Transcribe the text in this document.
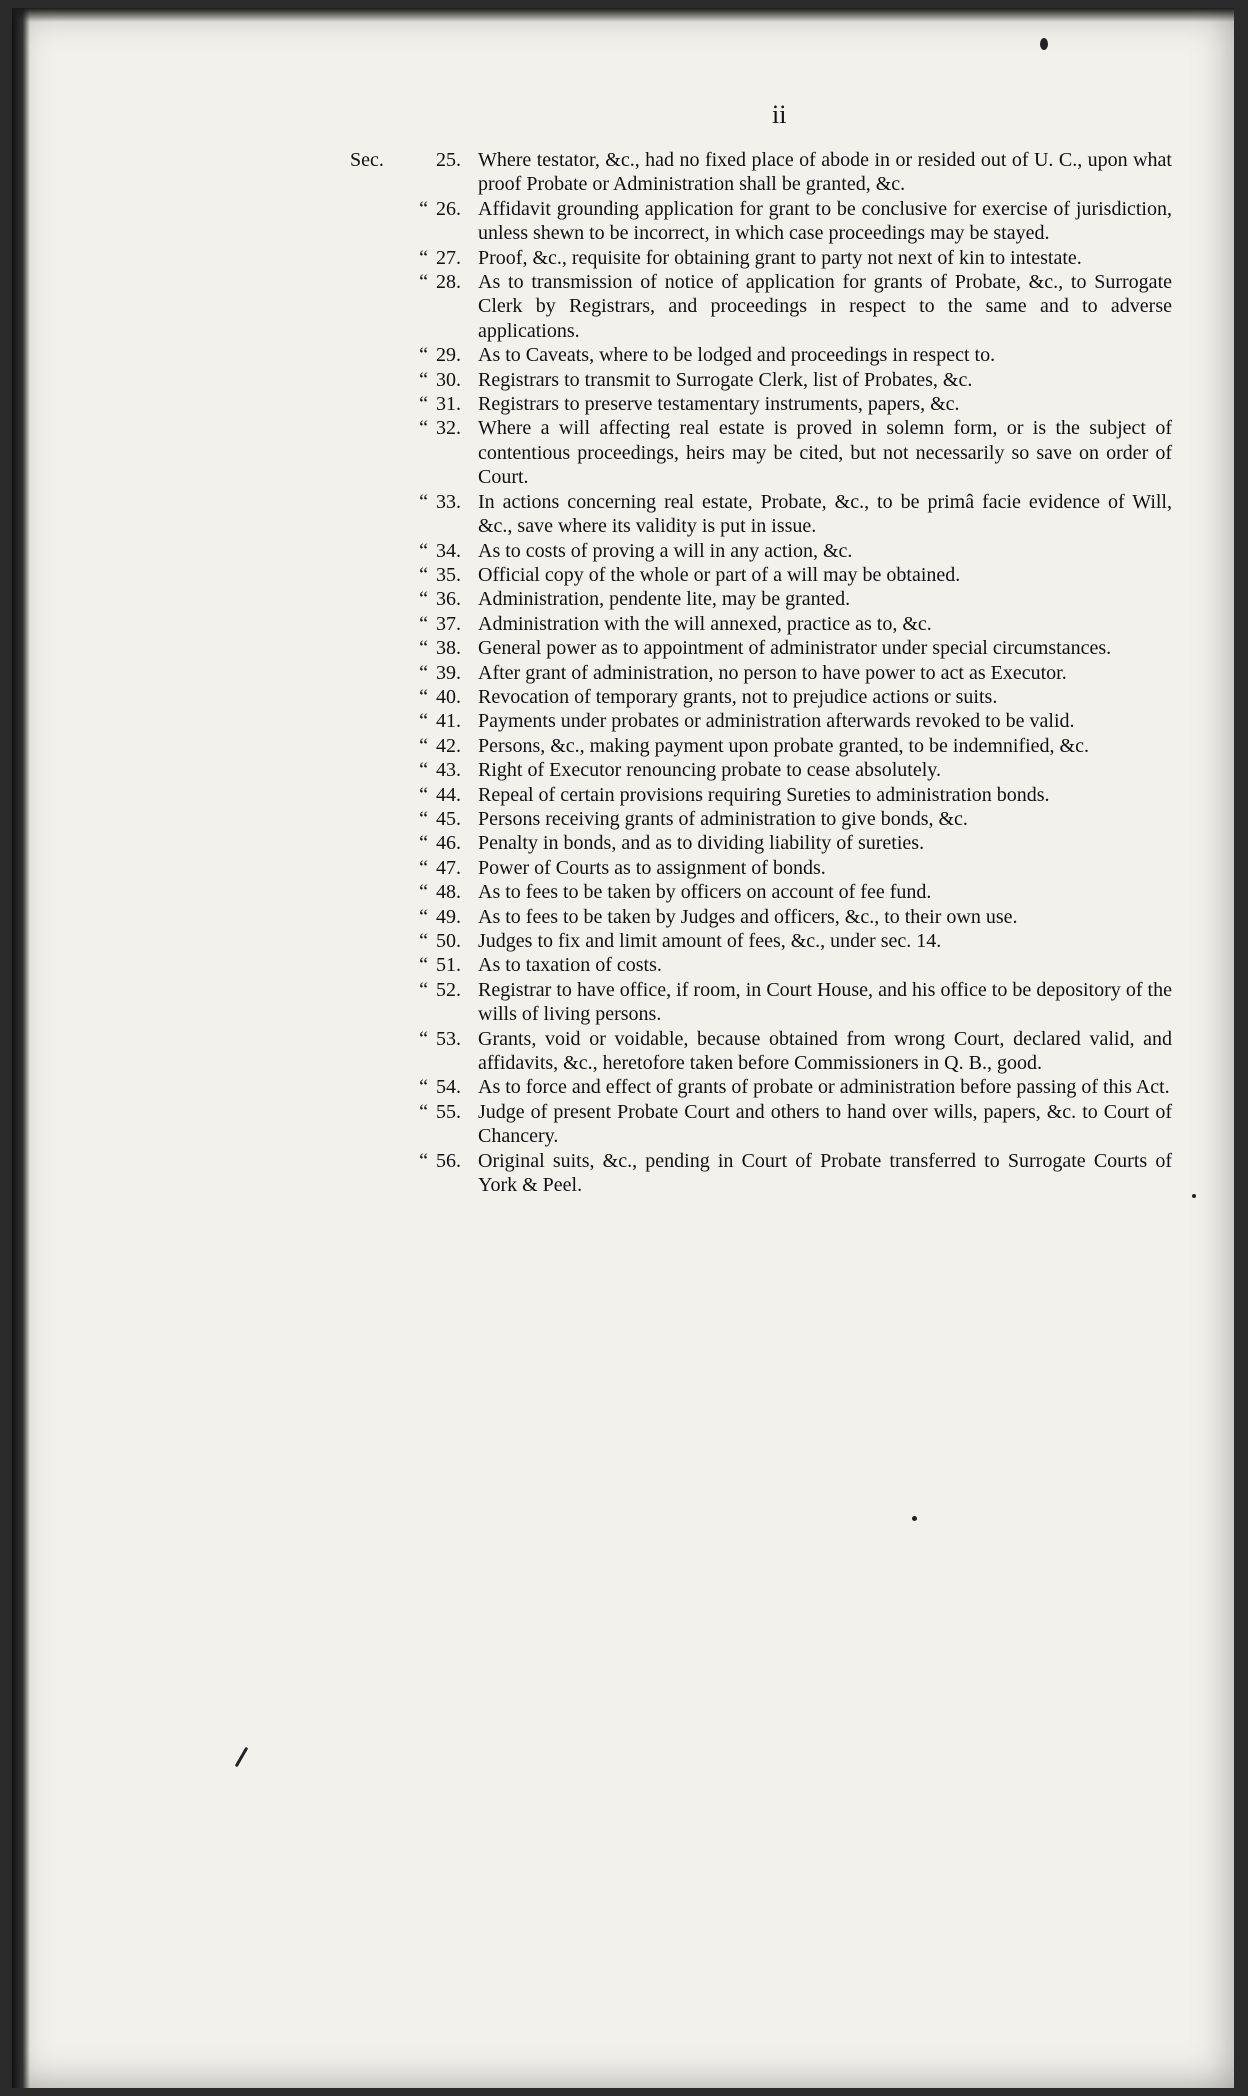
ii
Sec.	25. Where testator, &c., had no fixed place of abode in or resided out of U. C., upon what proof Probate or Administration shall be granted, &c.
“ 26. Affidavit grounding application for grant to be conclusive for exercise of jurisdiction, unless shewn to be incorrect, in which case proceedings may be stayed.
“ 27. Proof, &c., requisite for obtaining grant to party not next of kin to intestate.
“ 28. As to transmission of notice of application for grants of Probate, &c., to Surrogate Clerk by Registrars, and proceedings in respect to the same and to adverse applications.
“ 29. As to Caveats, where to be lodged and proceedings in respect to.
“ 30. Registrars to transmit to Surrogate Clerk, list of Probates, &c.
“ 31. Registrars to preserve testamentary instruments, papers, &c.
“ 32. Where a will affecting real estate is proved in solemn form, or is the subject of contentious proceedings, heirs may be cited, but not necessarily so save on order of Court.
“ 33. In actions concerning real estate, Probate, &c., to be primâ facie evidence of Will, &c., save where its validity is put in issue.
“ 34. As to costs of proving a will in any action, &c.
“ 35. Official copy of the whole or part of a will may be obtained.
“ 36. Administration, pendente lite, may be granted.
“ 37. Administration with the will annexed, practice as to, &c.
“ 38. General power as to appointment of administrator under special circumstances.
“ 39. After grant of administration, no person to have power to act as Executor.
“ 40. Revocation of temporary grants, not to prejudice actions or suits.
“ 41. Payments under probates or administration afterwards revoked to be valid.
“ 42. Persons, &c., making payment upon probate granted, to be indemnified, &c.
“ 43. Right of Executor renouncing probate to cease absolutely.
“ 44. Repeal of certain provisions requiring Sureties to administration bonds.
“ 45. Persons receiving grants of administration to give bonds, &c.
“ 46. Penalty in bonds, and as to dividing liability of sureties.
“ 47. Power of Courts as to assignment of bonds.
“ 48. As to fees to be taken by officers on account of fee fund.
“ 49. As to fees to be taken by Judges and officers, &c., to their own use.
“ 50. Judges to fix and limit amount of fees, &c., under sec. 14.
“ 51. As to taxation of costs.
“ 52. Registrar to have office, if room, in Court House, and his office to be depository of the wills of living persons.
“ 53. Grants, void or voidable, because obtained from wrong Court, declared valid, and affidavits, &c., heretofore taken before Commissioners in Q. B., good.
“ 54. As to force and effect of grants of probate or administration before passing of this Act.
“ 55. Judge of present Probate Court and others to hand over wills, papers, &c. to Court of Chancery.
“ 56. Original suits, &c., pending in Court of Probate transferred to Surrogate Courts of York & Peel.
